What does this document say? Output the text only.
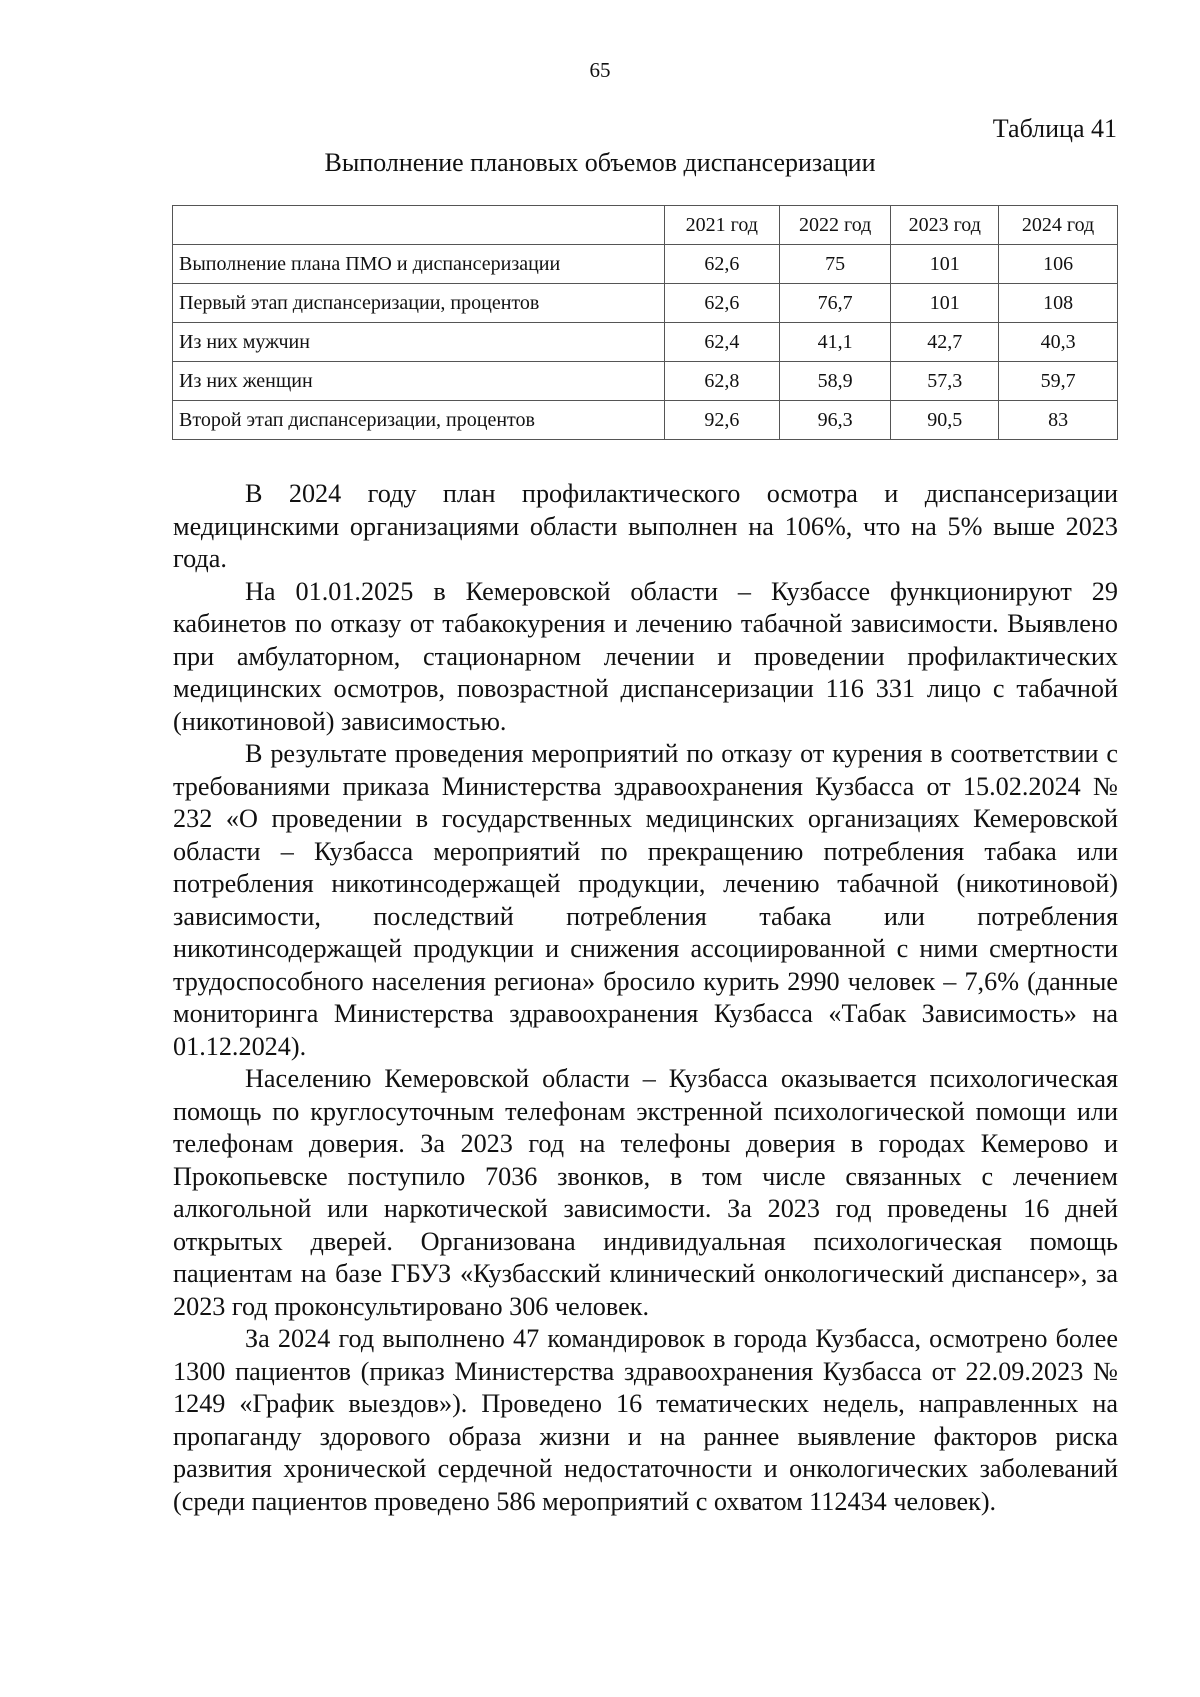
65
Таблица 41
Выполнение плановых объемов диспансеризации
	2021 год	2022 год	2023 год	2024 год
Выполнение плана ПМО и диспансеризации	62,6	75	101	106
Первый этап диспансеризации, процентов	62,6	76,7	101	108
Из них мужчин	62,4	41,1	42,7	40,3
Из них женщин	62,8	58,9	57,3	59,7
Второй этап диспансеризации, процентов	92,6	96,3	90,5	83

В 2024 году план профилактического осмотра и диспансеризации медицинскими организациями области выполнен на 106%, что на 5% выше 2023 года.

На 01.01.2025 в Кемеровской области – Кузбассе функционируют 29 кабинетов по отказу от табакокурения и лечению табачной зависимости. Выявлено при амбулаторном, стационарном лечении и проведении профилактических медицинских осмотров, повозрастной диспансеризации 116 331 лицо с табачной (никотиновой) зависимостью.

В результате проведения мероприятий по отказу от курения в соответствии с требованиями приказа Министерства здравоохранения Кузбасса от 15.02.2024 № 232 «О проведении в государственных медицинских организациях Кемеровской области – Кузбасса мероприятий по прекращению потребления табака или потребления никотинсодержащей продукции, лечению табачной (никотиновой) зависимости, последствий потребления табака или потребления никотинсодержащей продукции и снижения ассоциированной с ними смертности трудоспособного населения региона» бросило курить 2990 человек – 7,6% (данные мониторинга Министерства здравоохранения Кузбасса «Табак Зависимость» на 01.12.2024).

Населению Кемеровской области – Кузбасса оказывается психологическая помощь по круглосуточным телефонам экстренной психологической помощи или телефонам доверия. За 2023 год на телефоны доверия в городах Кемерово и Прокопьевске поступило 7036 звонков, в том числе связанных с лечением алкогольной или наркотической зависимости. За 2023 год проведены 16 дней открытых дверей. Организована индивидуальная психологическая помощь пациентам на базе ГБУЗ «Кузбасский клинический онкологический диспансер», за 2023 год проконсультировано 306 человек.

За 2024 год выполнено 47 командировок в города Кузбасса, осмотрено более 1300 пациентов (приказ Министерства здравоохранения Кузбасса от 22.09.2023 № 1249 «График выездов»). Проведено 16 тематических недель, направленных на пропаганду здорового образа жизни и на раннее выявление факторов риска развития хронической сердечной недостаточности и онкологических заболеваний (среди пациентов проведено 586 мероприятий с охватом 112434 человек).
